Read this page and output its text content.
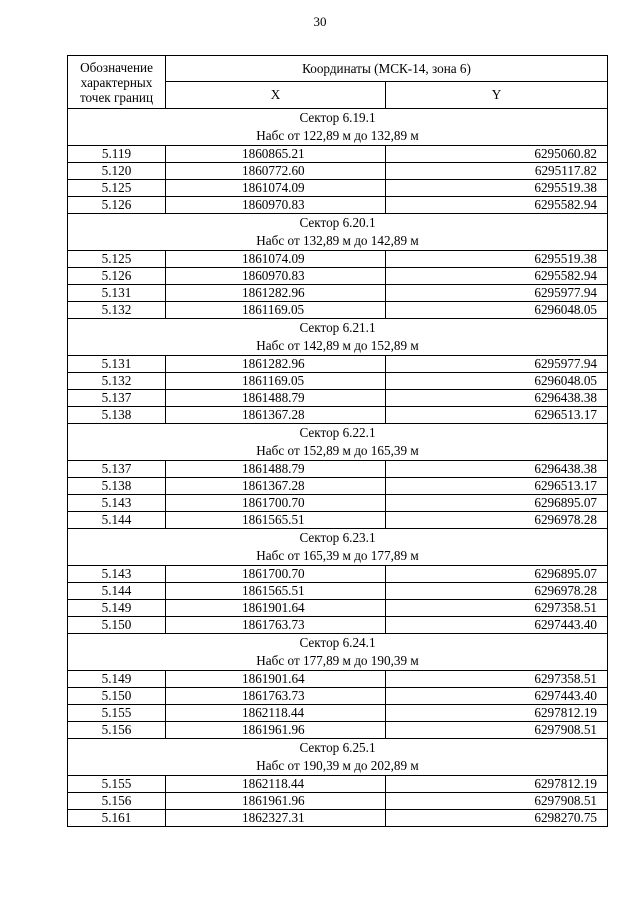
30
Обозначение характерных точек границ	Координаты (МСК-14, зона 6)	
	X	Y

Сектор 6.19.1
Набс от 122,89 м до 132,89 м		

5.119	1860865.21	6295060.82
5.120	1860772.60	6295117.82
5.125	1861074.09	6295519.38
5.126	1860970.83	6295582.94

Сектор 6.20.1
Набс от 132,89 м до 142,89 м		

5.125	1861074.09	6295519.38
5.126	1860970.83	6295582.94
5.131	1861282.96	6295977.94
5.132	1861169.05	6296048.05

Сектор 6.21.1
Набс от 142,89 м до 152,89 м		

5.131	1861282.96	6295977.94
5.132	1861169.05	6296048.05
5.137	1861488.79	6296438.38
5.138	1861367.28	6296513.17

Сектор 6.22.1
Набс от 152,89 м до 165,39 м		

5.137	1861488.79	6296438.38
5.138	1861367.28	6296513.17
5.143	1861700.70	6296895.07
5.144	1861565.51	6296978.28

Сектор 6.23.1
Набс от 165,39 м до 177,89 м		

5.143	1861700.70	6296895.07
5.144	1861565.51	6296978.28
5.149	1861901.64	6297358.51
5.150	1861763.73	6297443.40

Сектор 6.24.1
Набс от 177,89 м до 190,39 м		

5.149	1861901.64	6297358.51
5.150	1861763.73	6297443.40
5.155	1862118.44	6297812.19
5.156	1861961.96	6297908.51

Сектор 6.25.1
Набс от 190,39 м до 202,89 м		

5.155	1862118.44	6297812.19
5.156	1861961.96	6297908.51
5.161	1862327.31	6298270.75
